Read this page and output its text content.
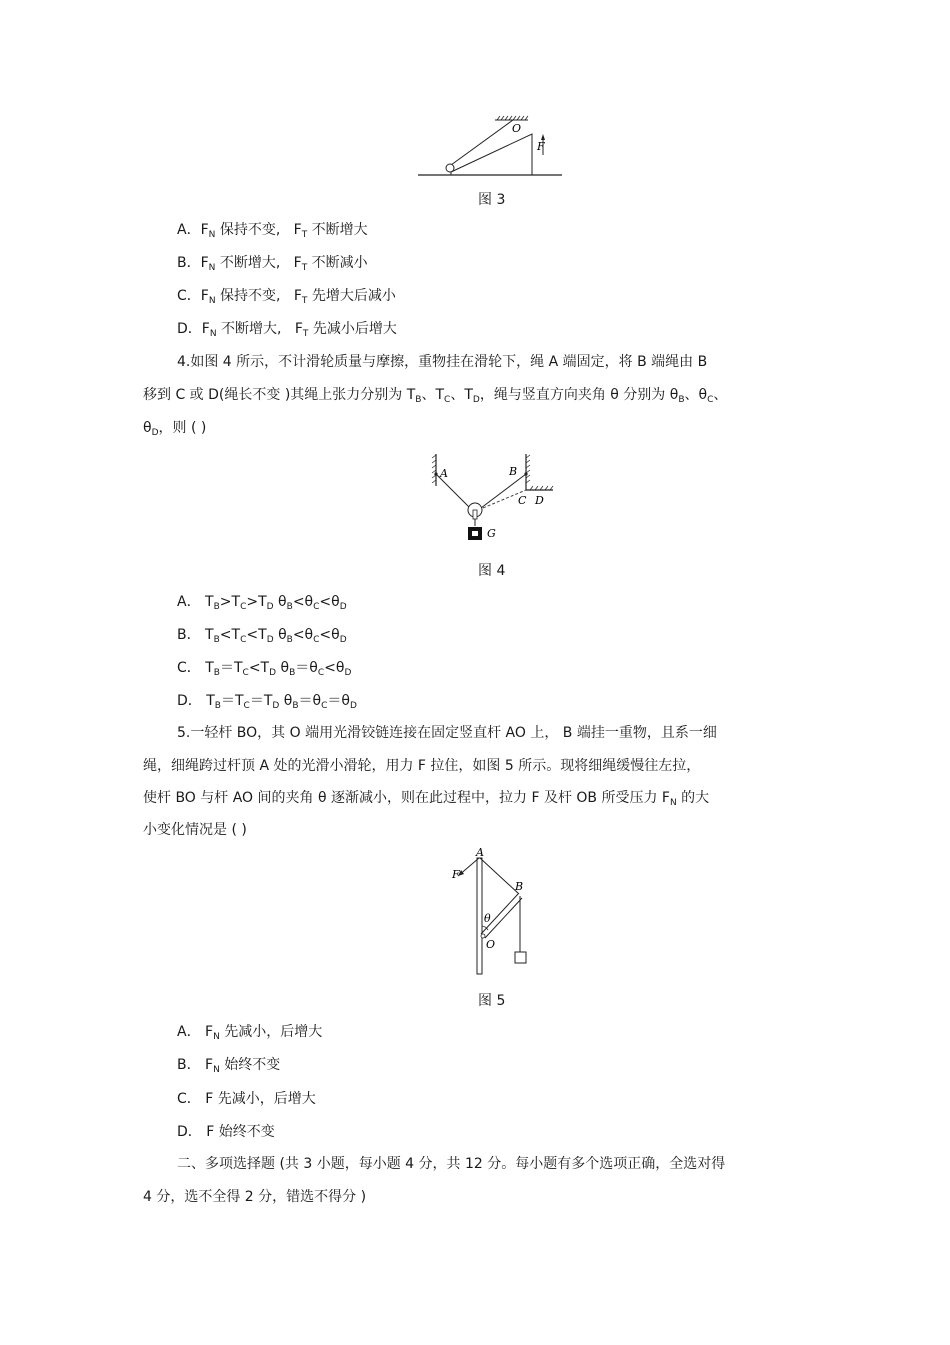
O
F
图 3
A．$F_N$ 保持不变, $F_T$ 不断增大
B．$F_N$ 不断增大, $F_T$ 不断减小
C．$F_N$ 保持不变, $F_T$ 先增大后减小
D．$F_N$ 不断增大, $F_T$ 先减小后增大
4.如图 4 所示，不计滑轮质量与摩擦，重物挂在滑轮下，绳 A 端固定，将 B 端绳由 B
移到 C 或 D(绳长不变 )其绳上张力分别为 $T_B$、$T_C$、$T_D$，绳与竖直方向夹角 θ 分别为 $\theta_B$、$\theta_C$、
$\theta_D$，则 ( )
A	B
C D
G
图 4
A． $T_B>T_C>T_D$ $\theta_B<\theta_C<\theta_D$
B． $T_B<T_C<T_D$ $\theta_B<\theta_C<\theta_D$
C． $T_B=T_C<T_D$ $\theta_B=\theta_C<\theta_D$
D． $T_B=T_C=T_D$ $\theta_B=\theta_C=\theta_D$
5.一轻杆 BO，其 O 端用光滑铰链连接在固定竖直杆 AO 上， B 端挂一重物，且系一细
绳，细绳跨过杆顶 A 处的光滑小滑轮，用力 F 拉住，如图 5 所示。现将细绳缓慢往左拉，
使杆 BO 与杆 AO 间的夹角 θ 逐渐减小，则在此过程中，拉力 F 及杆 OB 所受压力 $F_N$ 的大
小变化情况是 ( )
A
B
F
θ
O
图 5
A． $F_N$ 先减小，后增大
B． $F_N$ 始终不变
C． F 先减小，后增大
D． F 始终不变
二、多项选择题 (共 3 小题，每小题 4 分，共 12 分。每小题有多个选项正确，全选对得
4 分，选不全得 2 分，错选不得分 )
